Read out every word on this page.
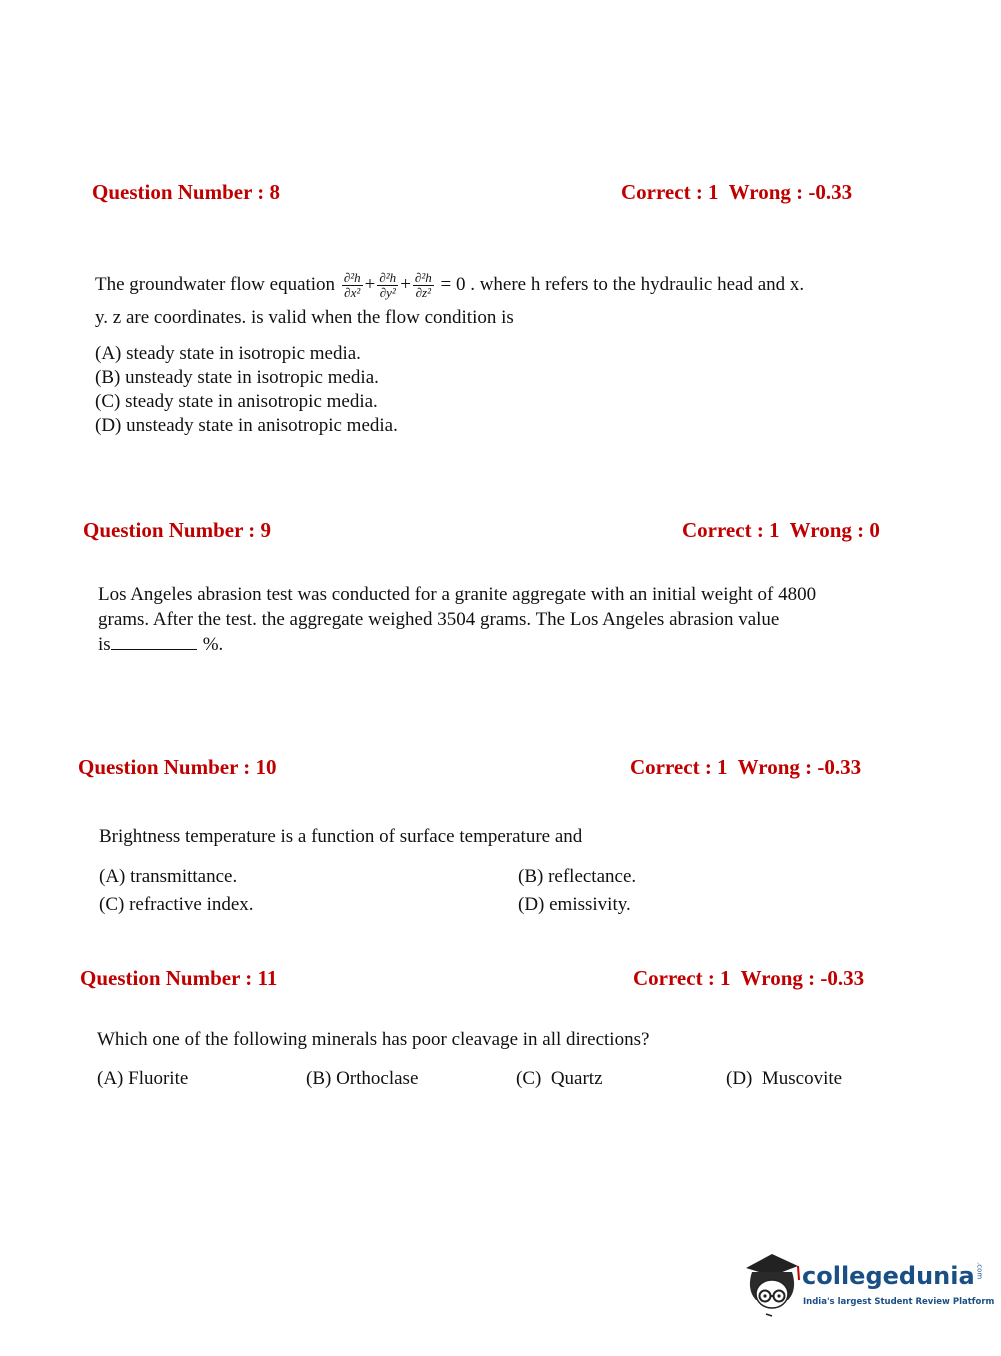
Question Number : 8	Correct : 1  Wrong : -0.33
The groundwater flow equation $\frac{\text{∂²h}}{\text{∂x²}} + \frac{\text{∂²h}}{\text{∂y²}} + \frac{\text{∂²h}}{\text{∂z²}} = 0$ . where h refers to the hydraulic head and x.
y. z are coordinates. is valid when the flow condition is
(A) steady state in isotropic media.
(B) unsteady state in isotropic media.
(C) steady state in anisotropic media.
(D) unsteady state in anisotropic media.
Question Number : 9	Correct : 1  Wrong : 0
Los Angeles abrasion test was conducted for a granite aggregate with an initial weight of 4800
grams. After the test. the aggregate weighed 3504 grams. The Los Angeles abrasion value
is	%.
Question Number : 10	Correct : 1  Wrong : -0.33
Brightness temperature is a function of surface temperature and
(A) transmittance.	(B) reflectance.
(C) refractive index.	(D) emissivity.
Question Number : 11	Correct : 1  Wrong : -0.33
Which one of the following minerals has poor cleavage in all directions?
(A) Fluorite	(B) Orthoclase	(C)  Quartz	(D)  Muscovite
collegedunia.com
India's largest Student Review Platform
